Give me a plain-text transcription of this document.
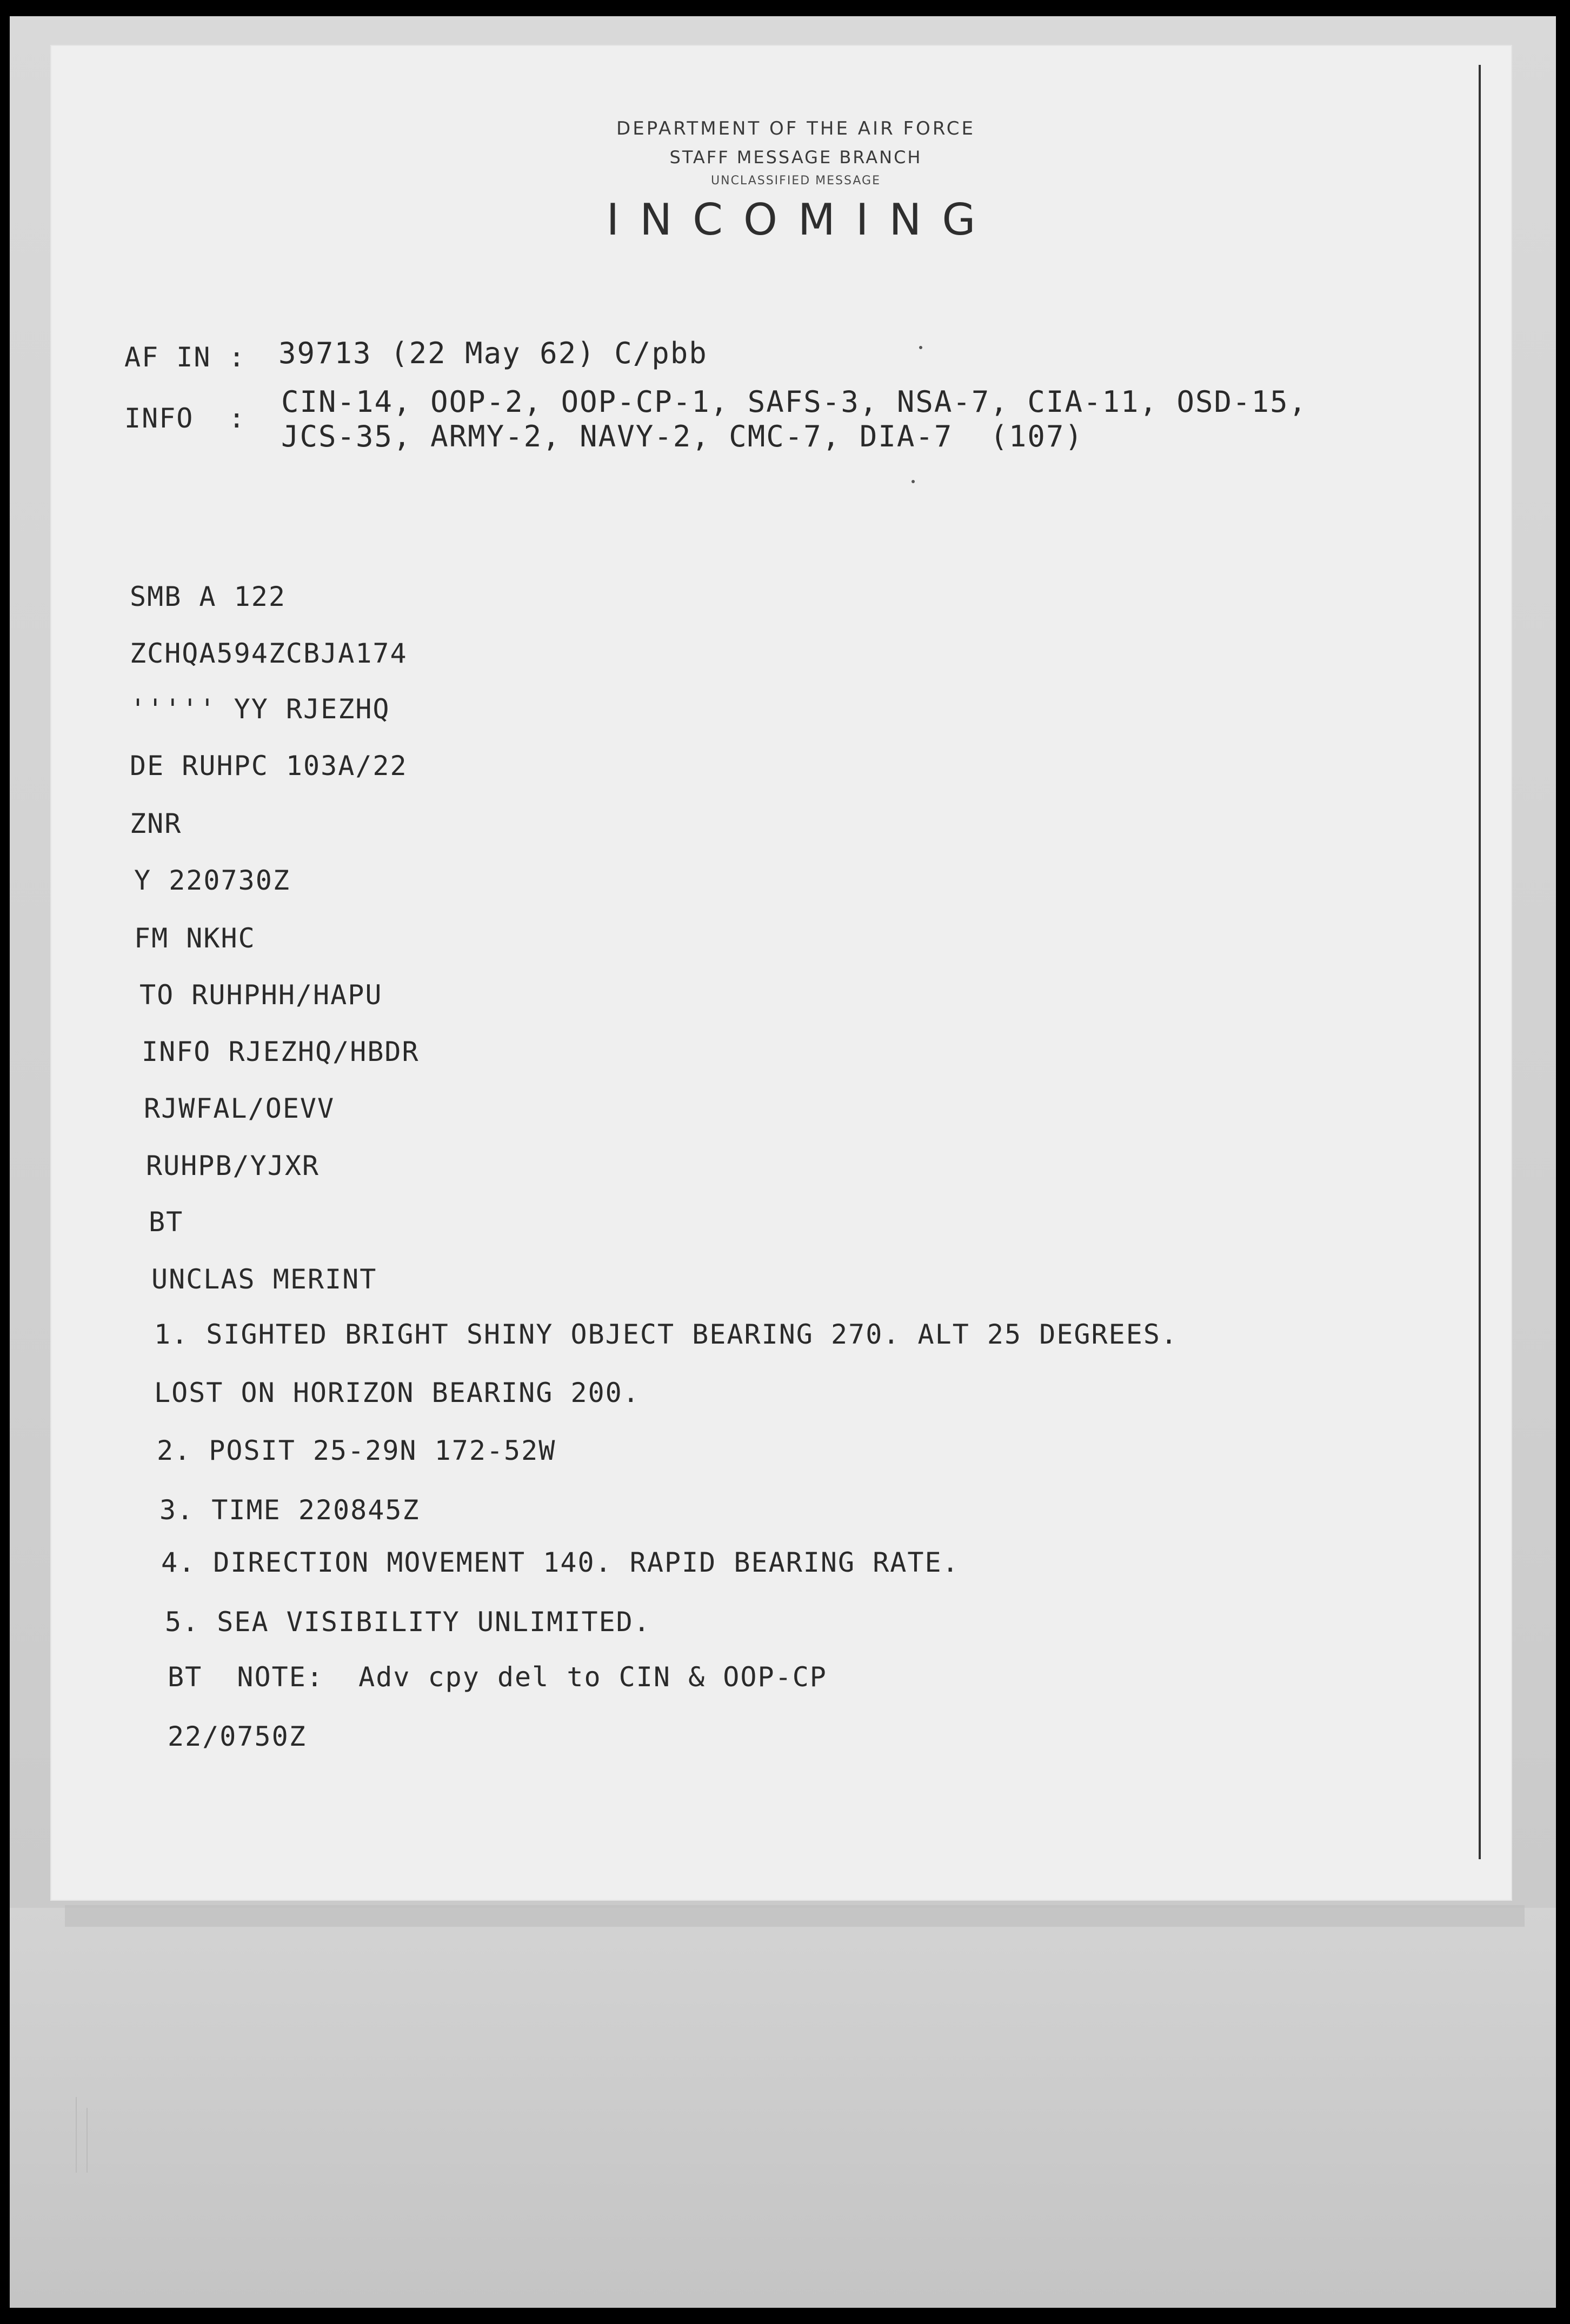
DEPARTMENT OF THE AIR FORCE

STAFF MESSAGE BRANCH

UNCLASSIFIED MESSAGE

INCOMING

AF IN : 39713 (22 May 62) C/pbb

INFO  : CIN-14, OOP-2, OOP-CP-1, SAFS-3, NSA-7, CIA-11, OSD-15,

JCS-35, ARMY-2, NAVY-2, CMC-7, DIA-7  (107)

SMB A 122

ZCHQA594ZCBJA174

''''' YY RJEZHQ

DE RUHPC 103A/22

ZNR

Y 220730Z

FM NKHC

TO RUHPHH/HAPU

INFO RJEZHQ/HBDR

RJWFAL/OEVV

RUHPB/YJXR

BT

UNCLAS MERINT

1. SIGHTED BRIGHT SHINY OBJECT BEARING 270. ALT 25 DEGREES.

LOST ON HORIZON BEARING 200.

2. POSIT 25-29N 172-52W

3. TIME 220845Z

4. DIRECTION MOVEMENT 140. RAPID BEARING RATE.

5. SEA VISIBILITY UNLIMITED.

BT  NOTE:  Adv cpy del to CIN & OOP-CP

22/0750Z
